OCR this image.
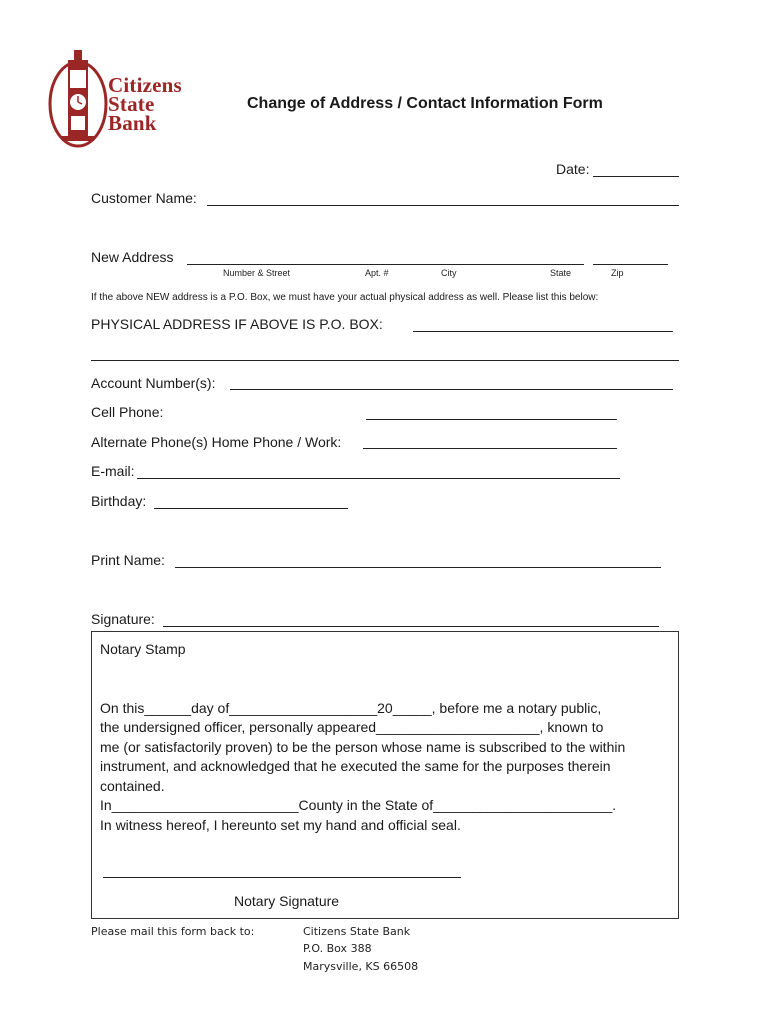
Citizens
State
Bank
Change of Address / Contact Information Form
Date:
Customer Name:
New Address
Number & Street	Apt. #	City	State	Zip
If the above NEW address is a P.O. Box, we must have your actual physical address as well. Please list this below:
PHYSICAL ADDRESS IF ABOVE IS P.O. BOX:
Account Number(s):
Cell Phone:
Alternate Phone(s) Home Phone / Work:
E-mail:
Birthday:
Print Name:
Signature:
Notary Stamp
On this______day of___________________20_____, before me a notary public,
the undersigned officer, personally appeared_____________________, known to
me (or satisfactorily proven) to be the person whose name is subscribed to the within
instrument, and acknowledged that he executed the same for the purposes therein
contained.
In________________________County in the State of_______________________.
In witness hereof, I hereunto set my hand and official seal.
Notary Signature
Please mail this form back to:	Citizens State Bank
P.O. Box 388
Marysville, KS 66508
